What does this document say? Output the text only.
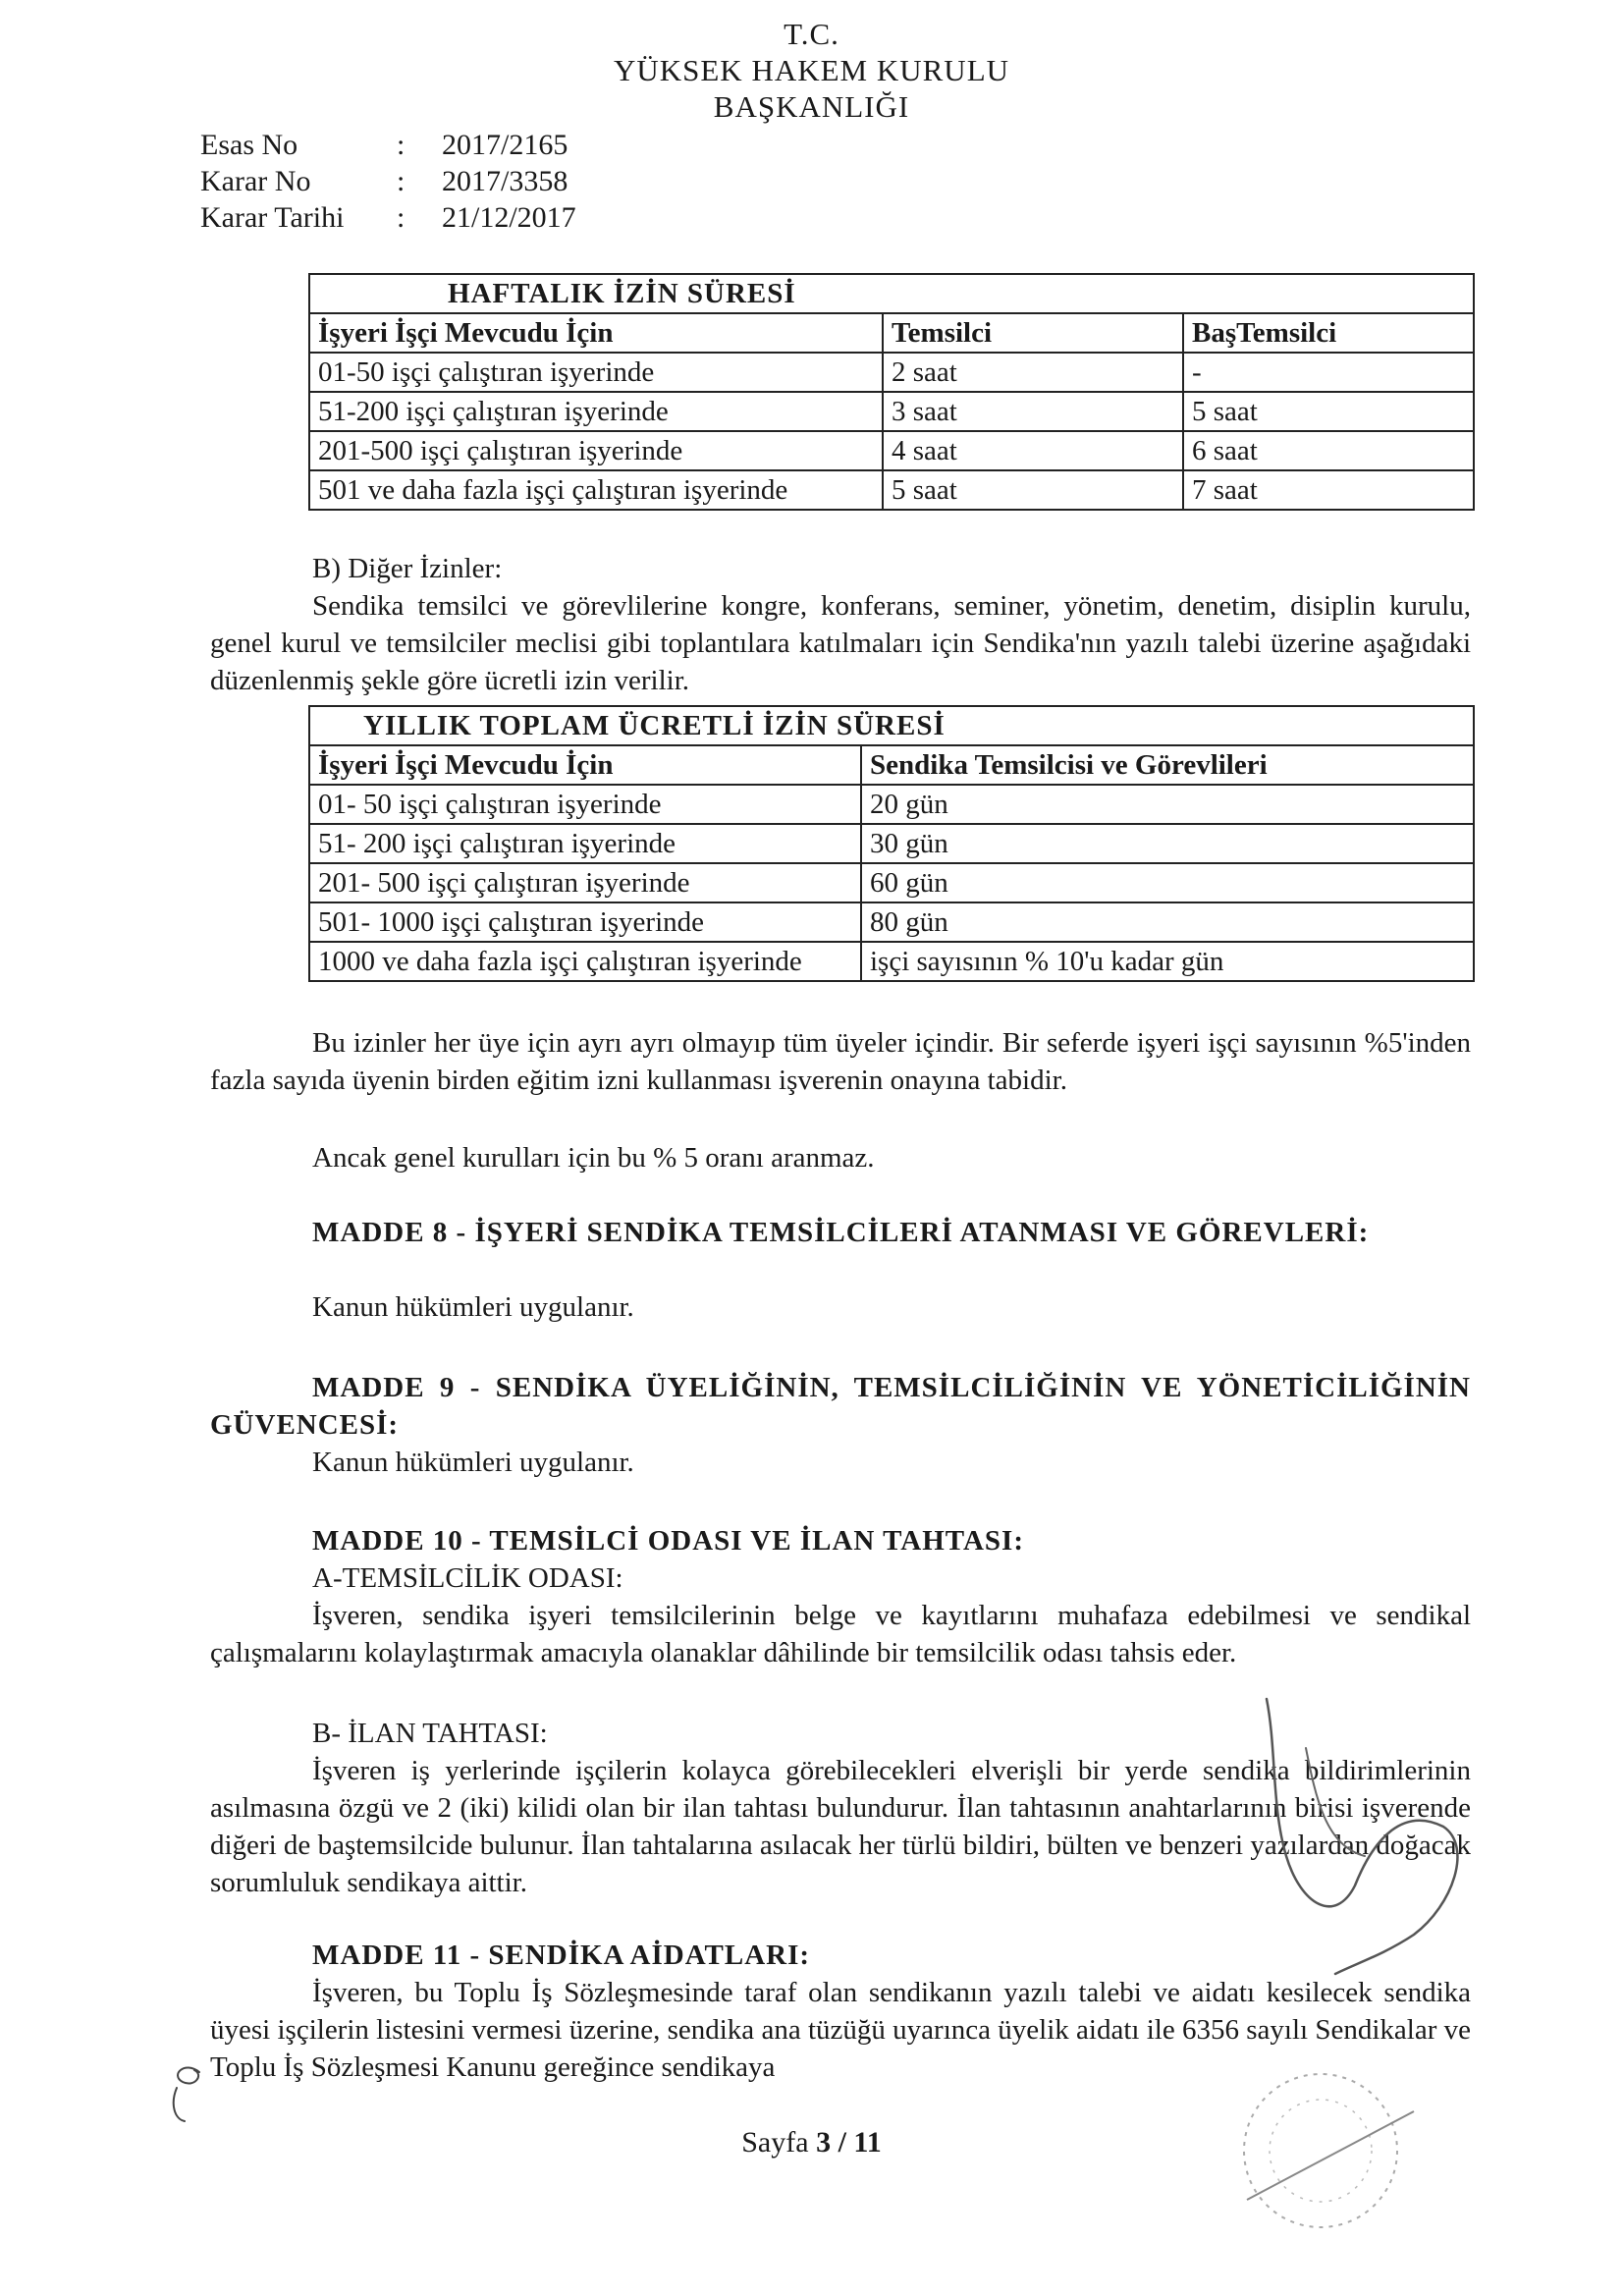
T.C.
YÜKSEK HAKEM KURULU
BAŞKANLIĞI
Esas No	: 2017/2165
Karar No	: 2017/3358
Karar Tarihi : 21/12/2017
HAFTALIK İZİN SÜRESİ		
İşyeri İşçi Mevcudu İçin	Temsilci	BaşTemsilci
01-50 işçi çalıştıran işyerinde	2 saat	-
51-200 işçi çalıştıran işyerinde	3 saat	5 saat
201-500 işçi çalıştıran işyerinde	4 saat	6 saat
501 ve daha fazla işçi çalıştıran işyerinde	5 saat	7 saat
B) Diğer İzinler:
Sendika temsilci ve görevlilerine kongre, konferans, seminer, yönetim, denetim, disiplin kurulu, genel kurul ve temsilciler meclisi gibi toplantılara katılmaları için Sendika'nın yazılı talebi üzerine aşağıdaki düzenlenmiş şekle göre ücretli izin verilir.
YILLIK TOPLAM ÜCRETLİ İZİN SÜRESİ	
İşyeri İşçi Mevcudu İçin	Sendika Temsilcisi ve Görevlileri
01- 50 işçi çalıştıran işyerinde	20 gün
51- 200 işçi çalıştıran işyerinde	30 gün
201- 500 işçi çalıştıran işyerinde	60 gün
501- 1000 işçi çalıştıran işyerinde	80 gün
1000 ve daha fazla işçi çalıştıran işyerinde	işçi sayısının % 10'u kadar gün
Bu izinler her üye için ayrı ayrı olmayıp tüm üyeler içindir. Bir seferde işyeri işçi sayısının %5'inden fazla sayıda üyenin birden eğitim izni kullanması işverenin onayına tabidir.
Ancak genel kurulları için bu % 5 oranı aranmaz.
MADDE 8 - İŞYERİ SENDİKA TEMSİLCİLERİ ATANMASI VE GÖREVLERİ:
Kanun hükümleri uygulanır.
MADDE 9 - SENDİKA ÜYELİĞİNİN, TEMSİLCİLİĞİNİN VE YÖNETİCİLİĞİNİN GÜVENCESİ:
Kanun hükümleri uygulanır.
MADDE 10 - TEMSİLCİ ODASI VE İLAN TAHTASI:
A-TEMSİLCİLİK ODASI:
İşveren, sendika işyeri temsilcilerinin belge ve kayıtlarını muhafaza edebilmesi ve sendikal çalışmalarını kolaylaştırmak amacıyla olanaklar dâhilinde bir temsilcilik odası tahsis eder.
B- İLAN TAHTASI:
İşveren iş yerlerinde işçilerin kolayca görebilecekleri elverişli bir yerde sendika bildirimlerinin asılmasına özgü ve 2 (iki) kilidi olan bir ilan tahtası bulundurur. İlan tahtasının anahtarlarının birisi işverende diğeri de baştemsilcide bulunur. İlan tahtalarına asılacak her türlü bildiri, bülten ve benzeri yazılardan doğacak sorumluluk sendikaya aittir.
MADDE 11 - SENDİKA AİDATLARI:
İşveren, bu Toplu İş Sözleşmesinde taraf olan sendikanın yazılı talebi ve aidatı kesilecek sendika üyesi işçilerin listesini vermesi üzerine, sendika ana tüzüğü uyarınca üyelik aidatı ile 6356 sayılı Sendikalar ve Toplu İş Sözleşmesi Kanunu gereğince sendikaya
Sayfa 3 / 11
